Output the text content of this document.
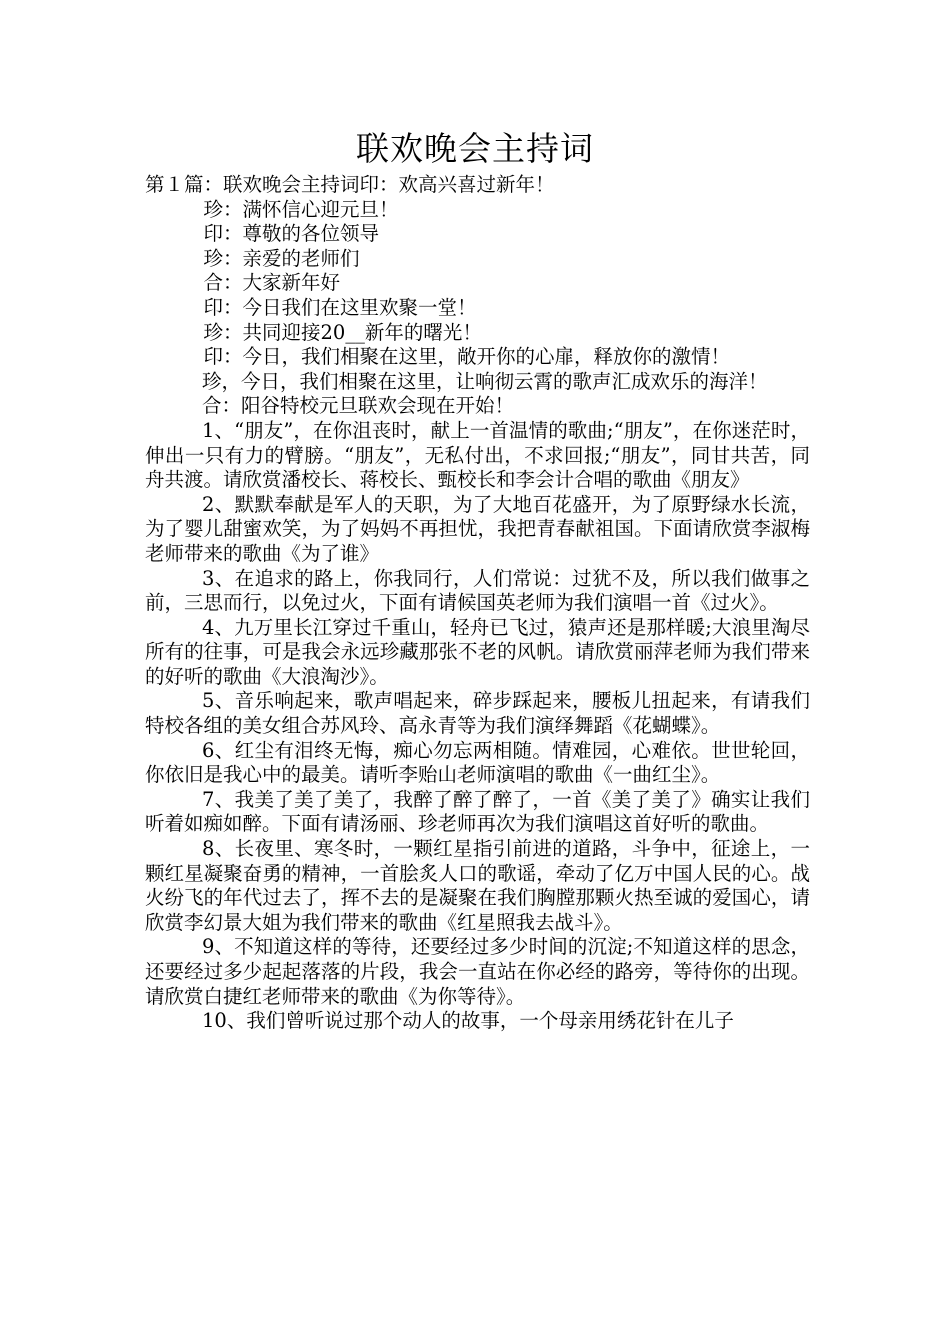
联欢晚会主持词
第１篇：联欢晚会主持词印：欢高兴喜过新年！
　　　珍：满怀信心迎元旦！
　　　印：尊敬的各位领导
　　　珍：亲爱的老师们
　　　合：大家新年好
　　　印：今日我们在这里欢聚一堂！
　　　珍：共同迎接20__新年的曙光！
　　　印：今日，我们相聚在这里，敞开你的心扉，释放你的激情！

珍，今日，我们相聚在这里，让响彻云霄的歌声汇成欢乐的海洋！

合：阳谷特校元旦联欢会现在开始！

1、“朋友”，在你沮丧时，献上一首温情的歌曲;“朋友”，在你迷茫时，伸出一只有力的臂膀。“朋友”，无私付出，不求回报;“朋友”，同甘共苦，同舟共渡。请欣赏潘校长、蒋校长、甄校长和李会计合唱的歌曲《朋友》

2、默默奉献是军人的天职，为了大地百花盛开，为了原野绿水长流，为了婴儿甜蜜欢笑，为了妈妈不再担忧，我把青春献祖国。下面请欣赏李淑梅老师带来的歌曲《为了谁》

3、在追求的路上，你我同行，人们常说：过犹不及，所以我们做事之前，三思而行，以免过火，下面有请候国英老师为我们演唱一首《过火》。

4、九万里长江穿过千重山，轻舟已飞过，猿声还是那样暖;大浪里淘尽所有的往事，可是我会永远珍藏那张不老的风帆。请欣赏丽萍老师为我们带来的好听的歌曲《大浪淘沙》。

5、音乐响起来，歌声唱起来，碎步踩起来，腰板儿扭起来，有请我们特校各组的美女组合苏风玲、高永青等为我们演绎舞蹈《花蝴蝶》。

6、红尘有泪终无悔，痴心勿忘两相随。情难园，心难依。世世轮回，你依旧是我心中的最美。请听李贻山老师演唱的歌曲《一曲红尘》。

7、我美了美了美了，我醉了醉了醉了，一首《美了美了》确实让我们听着如痴如醉。下面有请汤丽、珍老师再次为我们演唱这首好听的歌曲。

8、长夜里、寒冬时，一颗红星指引前进的道路，斗争中，征途上，一颗红星凝聚奋勇的精神，一首脍炙人口的歌谣，牵动了亿万中国人民的心。战火纷飞的年代过去了，挥不去的是凝聚在我们胸膛那颗火热至诚的爱国心，请欣赏李幻景大姐为我们带来的歌曲《红星照我去战斗》。

9、不知道这样的等待，还要经过多少时间的沉淀;不知道这样的思念，还要经过多少起起落落的片段，我会一直站在你必经的路旁，等待你的出现。请欣赏白捷红老师带来的歌曲《为你等待》。

10、我们曾听说过那个动人的故事，一个母亲用绣花针在儿子
